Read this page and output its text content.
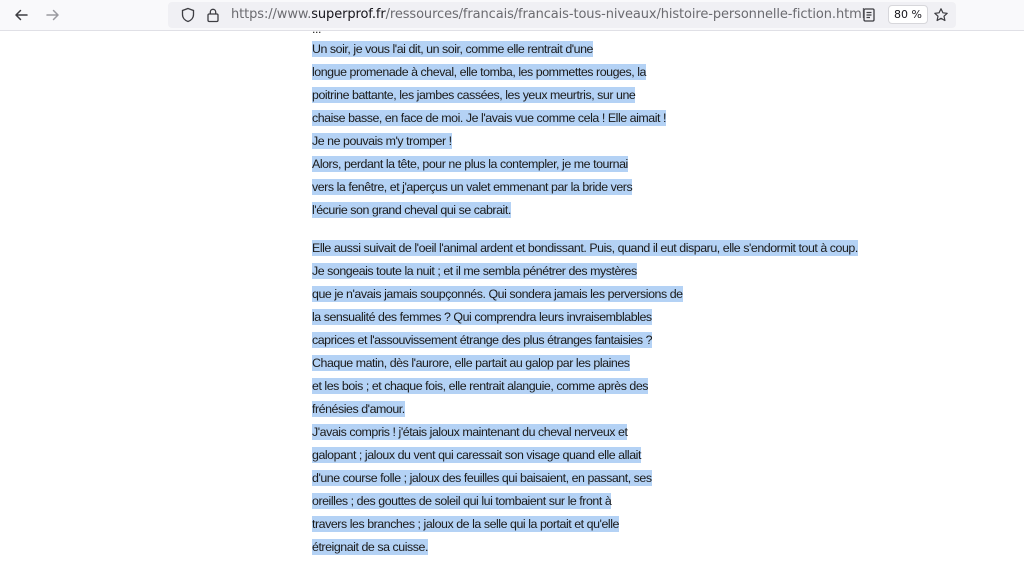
https://www.superprof.fr/ressources/francais/francais-tous-niveaux/histoire-personnelle-fiction.html	80 %
...
Un soir, je vous l'ai dit, un soir, comme elle rentrait d'une
longue promenade à cheval, elle tomba, les pommettes rouges, la
poitrine battante, les jambes cassées, les yeux meurtris, sur une
chaise basse, en face de moi. Je l'avais vue comme cela ! Elle aimait !
Je ne pouvais m'y tromper !
Alors, perdant la tête, pour ne plus la contempler, je me tournai
vers la fenêtre, et j'aperçus un valet emmenant par la bride vers
l'écurie son grand cheval qui se cabrait.
Elle aussi suivait de l'oeil l'animal ardent et bondissant. Puis, quand il eut disparu, elle s'endormit tout à coup.
Je songeais toute la nuit ; et il me sembla pénétrer des mystères
que je n'avais jamais soupçonnés. Qui sondera jamais les perversions de
la sensualité des femmes ? Qui comprendra leurs invraisemblables
caprices et l'assouvissement étrange des plus étranges fantaisies ?
Chaque matin, dès l'aurore, elle partait au galop par les plaines
et les bois ; et chaque fois, elle rentrait alanguie, comme après des
frénésies d'amour.
J'avais compris ! j'étais jaloux maintenant du cheval nerveux et
galopant ; jaloux du vent qui caressait son visage quand elle allait
d'une course folle ; jaloux des feuilles qui baisaient, en passant, ses
oreilles ; des gouttes de soleil qui lui tombaient sur le front à
travers les branches ; jaloux de la selle qui la portait et qu'elle
étreignait de sa cuisse.
